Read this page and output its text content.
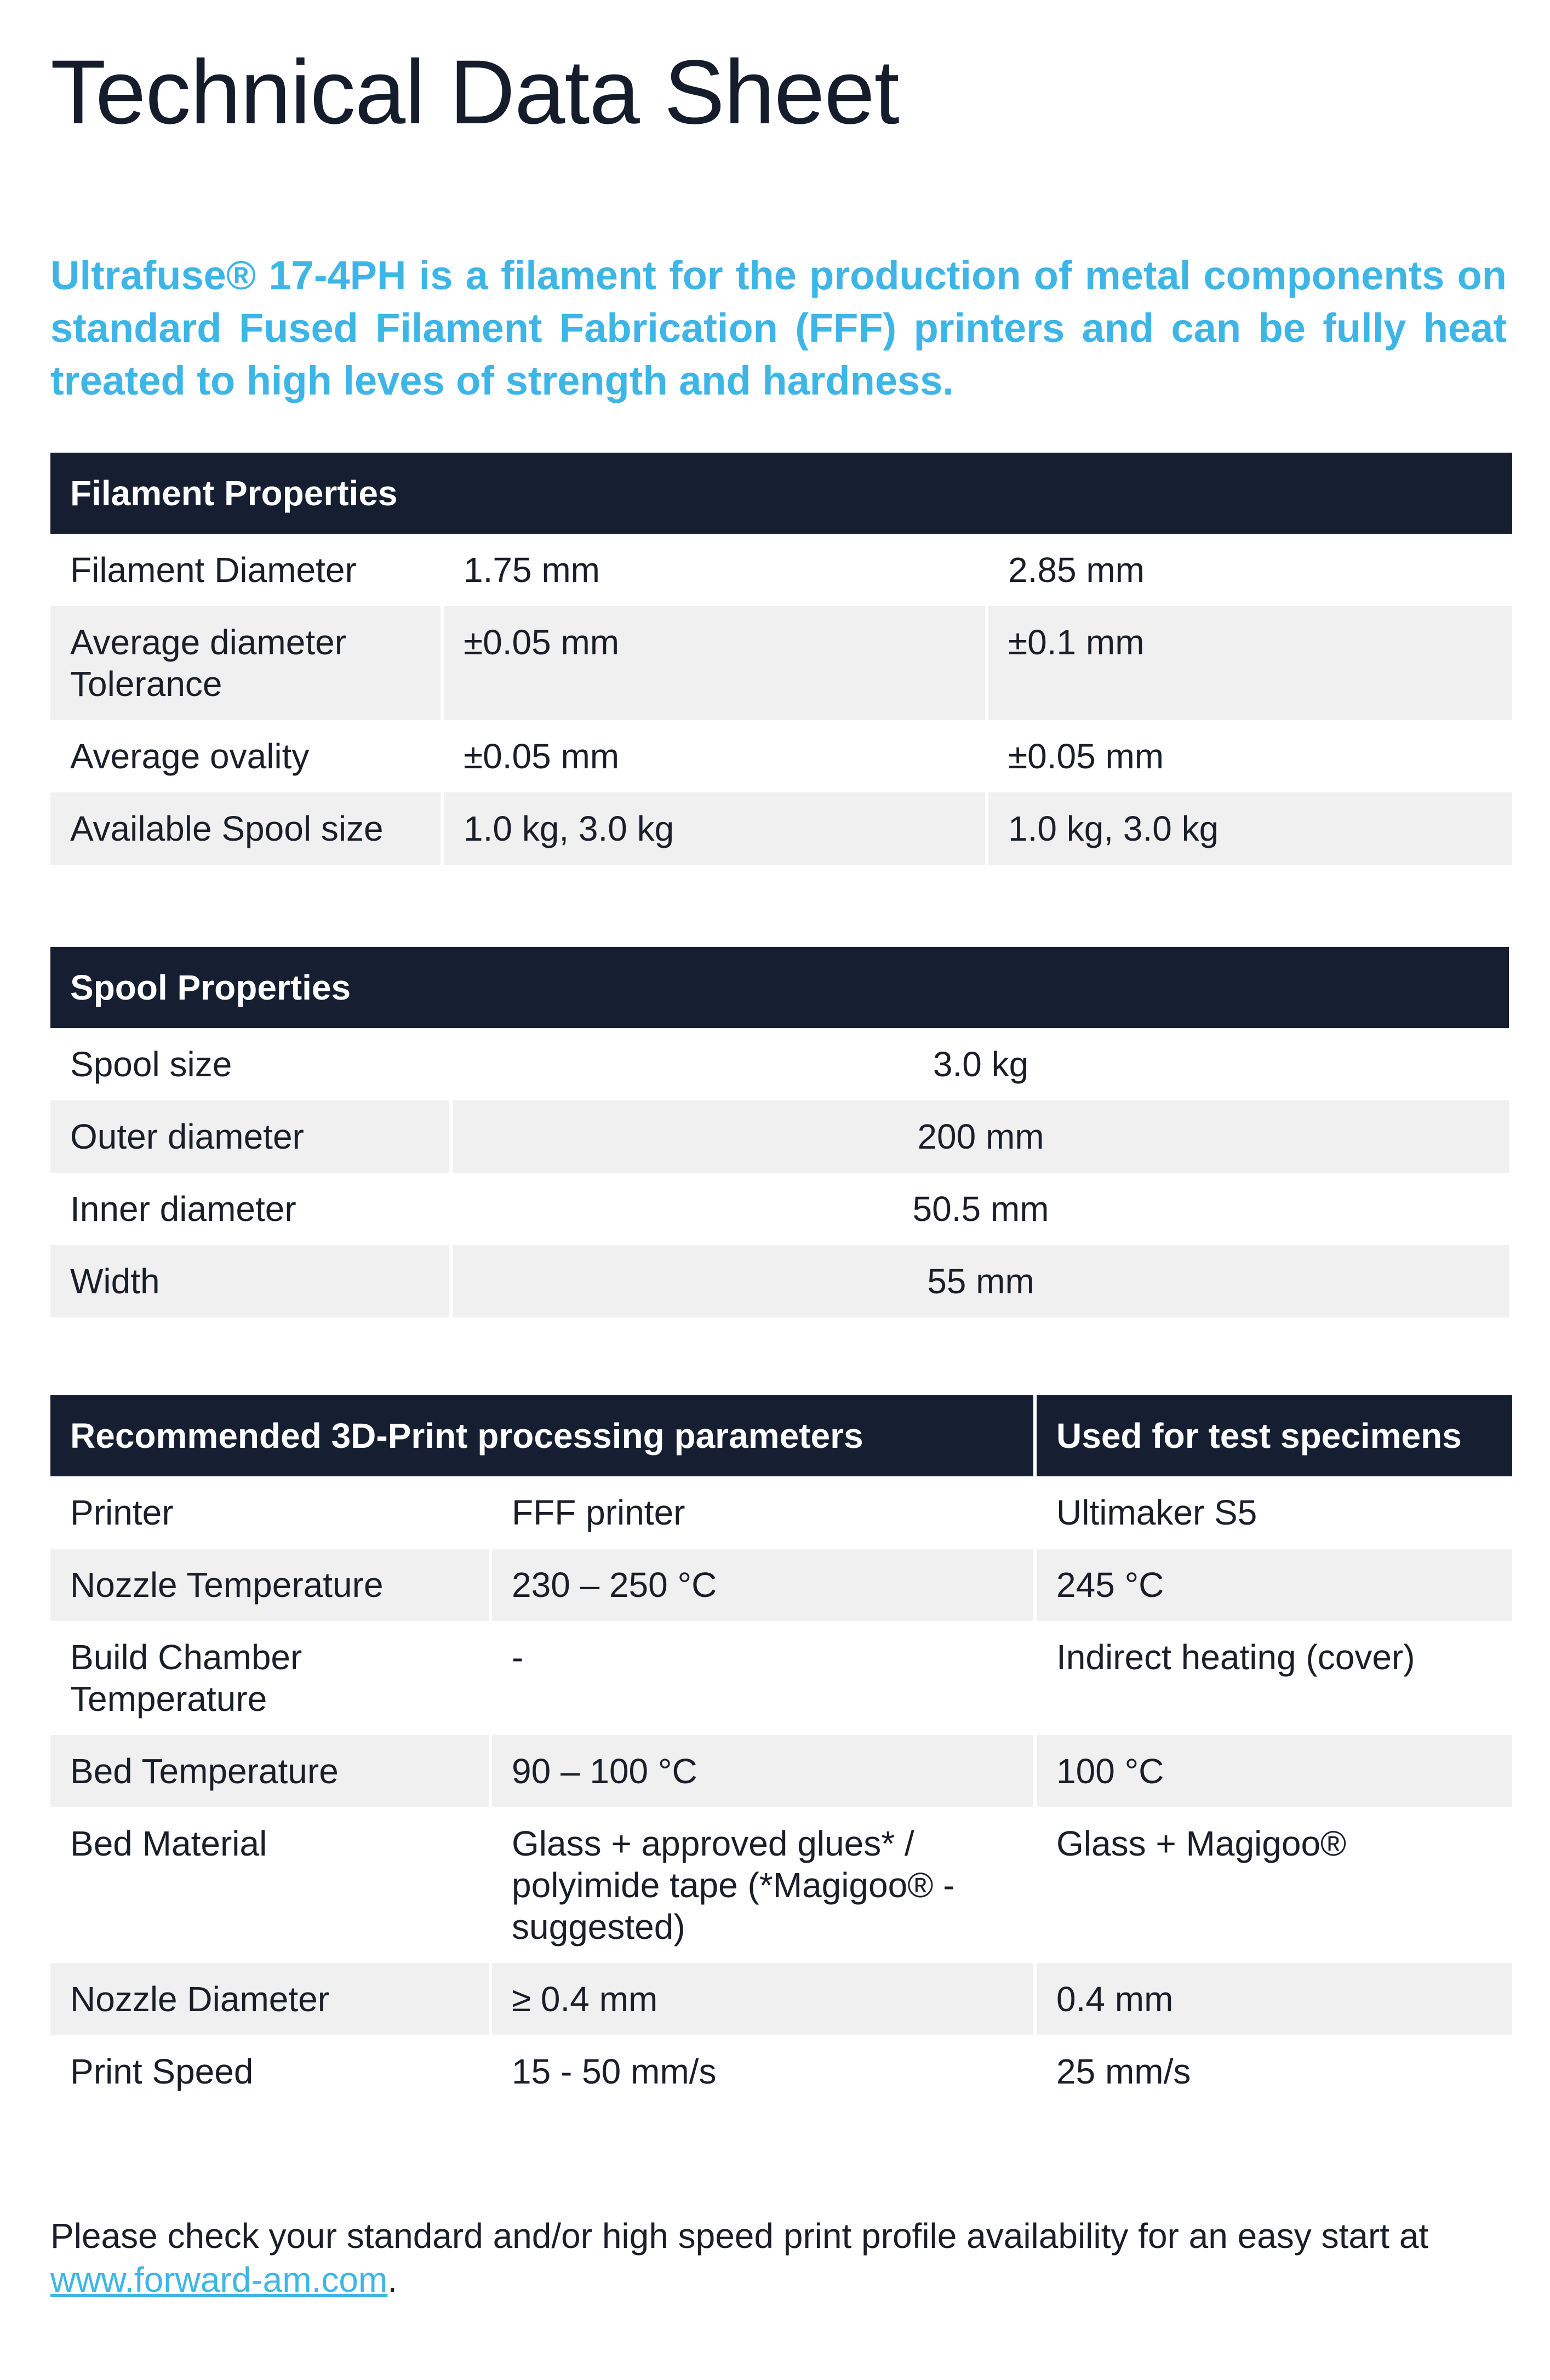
Technical Data Sheet
Ultrafuse® 17-4PH is a filament for the production of metal components on standard Fused Filament Fabrication (FFF) printers and can be fully heat treated to high leves of strength and hardness.
Filament Properties		
Filament Diameter	1.75 mm	2.85 mm
Average diameter Tolerance	±0.05 mm	±0.1 mm
Average ovality	±0.05 mm	±0.05 mm
Available Spool size	1.0 kg, 3.0 kg	1.0 kg, 3.0 kg
Spool Properties	
Spool size	3.0 kg
Outer diameter	200 mm
Inner diameter	50.5 mm
Width	55 mm
Recommended 3D-Print processing parameters		Used for test specimens
Printer	FFF printer	Ultimaker S5
Nozzle Temperature	230 – 250 °C	245 °C
Build Chamber Temperature	-	Indirect heating (cover)
Bed Temperature	90 – 100 °C	100 °C
Bed Material	Glass + approved glues* / polyimide tape (*Magigoo® - suggested)	Glass + Magigoo®
Nozzle Diameter	≥ 0.4 mm	0.4 mm
Print Speed	15 - 50 mm/s	25 mm/s
Please check your standard and/or high speed print profile availability for an easy start at www.forward-am.com.
